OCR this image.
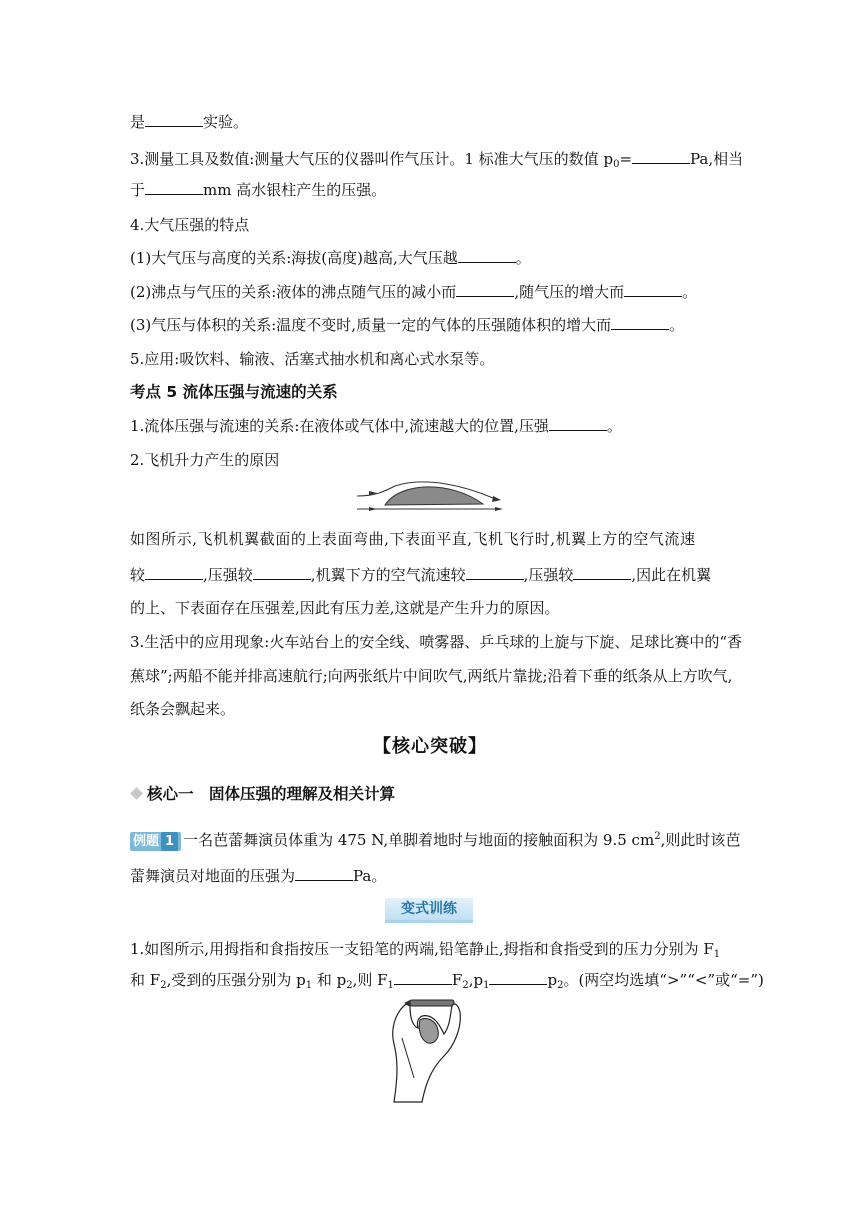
是	实验。
3.测量工具及数值:测量大气压的仪器叫作气压计。1 标准大气压的数值 $p_0=$	Pa,相当
于	mm 高水银柱产生的压强。
4.大气压强的特点
(1)大气压与高度的关系:海拔(高度)越高,大气压越	。
(2)沸点与气压的关系:液体的沸点随气压的减小而	,随气压的增大而	。
(3)气压与体积的关系:温度不变时,质量一定的气体的压强随体积的增大而	。
5.应用:吸饮料、输液、活塞式抽水机和离心式水泵等。
考点 5 流体压强与流速的关系
1.流体压强与流速的关系:在液体或气体中,流速越大的位置,压强	。
2.飞机升力产生的原因
如图所示,飞机机翼截面的上表面弯曲,下表面平直,飞机飞行时,机翼上方的空气流速
较	,压强较	,机翼下方的空气流速较	,压强较	,因此在机翼
的上、下表面存在压强差,因此有压力差,这就是产生升力的原因。
3.生活中的应用现象:火车站台上的安全线、喷雾器、乒乓球的上旋与下旋、足球比赛中的“香
蕉球”;两船不能并排高速航行;向两张纸片中间吹气,两纸片靠拢;沿着下垂的纸条从上方吹气,
纸条会飘起来。
【核心突破】
核心一　固体压强的理解及相关计算
例题 1 一名芭蕾舞演员体重为 475 N,单脚着地时与地面的接触面积为 9.5 $cm^2$,则此时该芭
蕾舞演员对地面的压强为	Pa。
变式训练
1.如图所示,用拇指和食指按压一支铅笔的两端,铅笔静止,拇指和食指受到的压力分别为 $F_1$
和 $F_2$,受到的压强分别为 $p_1$ 和 $p_2$,则 $F_1$	$F_2,p_1$	$p_2$。(两空均选填“>”“<”或“=”)
